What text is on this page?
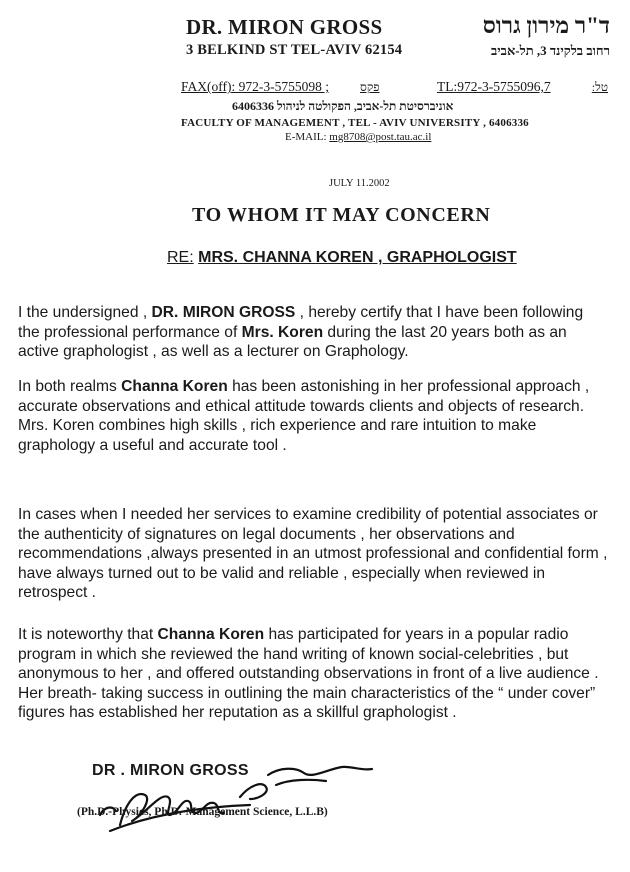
DR. MIRON GROSS	ד"ר מירון גרוס
3 BELKIND ST TEL-AVIV 62154	רחוב בלקינד 3, תל-אביב
FAX(off): 972-3-5755098 ;	פקס	TL:972-3-5755096,7	טל:
אוניברסיטת תל-אביב, הפקולטה לניהול 6406336
FACULTY OF MANAGEMENT , TEL - AVIV UNIVERSITY , 6406336
E-MAIL: mg8708@post.tau.ac.il
JULY 11.2002
TO WHOM IT MAY CONCERN
RE: MRS. CHANNA KOREN , GRAPHOLOGIST
I the undersigned , DR. MIRON GROSS , hereby certify that I have been following
the professional performance of Mrs. Koren during the last 20 years both as an
active graphologist , as well as a lecturer on Graphology.
In both realms Channa Koren has been astonishing in her professional approach ,
accurate observations and ethical attitude towards clients and objects of research.
Mrs. Koren combines high skills , rich experience and rare intuition to make
graphology a useful and accurate tool .
In cases when I needed her services to examine credibility of potential associates or
the authenticity of signatures on legal documents , her observations and
recommendations ,always presented in an utmost professional and confidential form ,
have always turned out to be valid and reliable , especially when reviewed in
retrospect .
It is noteworthy that Channa Koren has participated for years in a popular radio
program in which she reviewed the hand writing of known social-celebrities , but
anonymous to her , and offered outstanding observations in front of a live audience .
Her breath- taking success in outlining the main characteristics of the “ under cover”
figures has established her reputation as a skillful graphologist .
DR . MIRON GROSS
(Ph.D.-Physics, Ph.D.-Management Science, L.L.B)
